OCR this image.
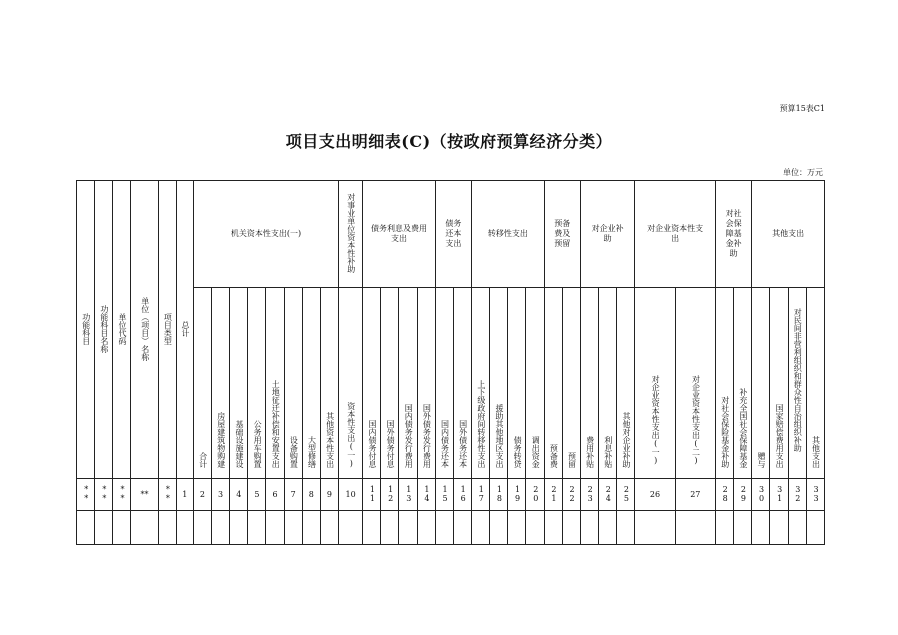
预算15表C1
项目支出明细表(C)（按政府预算经济分类）
单位：万元
功能科目	功能科目名称	单位代码	单位（项目）名称	项目类型	总计	机关资本性支出(一)								对事业单位资本性补助	债务利息及费用支出				债务还本支出		转移性支出				预备费及预留		对企业补助			对企业资本性支出		对社会保障基金补助		其他支出			
						合计	房屋建筑物购建	基础设施建设	公务用车购置	土地征迁补偿和安置支出	设备购置	大型修缮	其他资本性支出	资本性支出(一)	国内债务付息	国外债务付息	国内债务发行费用	国外债务发行费用	国内债务还本	国外债务还本	上下级政府间转移性支出	援助其他地区支出	债务转贷	调出资金	预备费	预留	费用补贴	利息补贴	其他对企业补助	对企业资本性支出(一)	对企业资本性支出(二)	对社会保险基金补助	补充全国社会保障基金	赠与	国家赔偿费用支出	对民间非营利组织和群众性自治组织补助	其他支出
**	**	**	**	**	1	2	3	4	5	6	7	8	9	10	11	12	13	14	15	16	17	18	19	20	21	22	23	24	25	26	27	28	29	30	31	32	33
